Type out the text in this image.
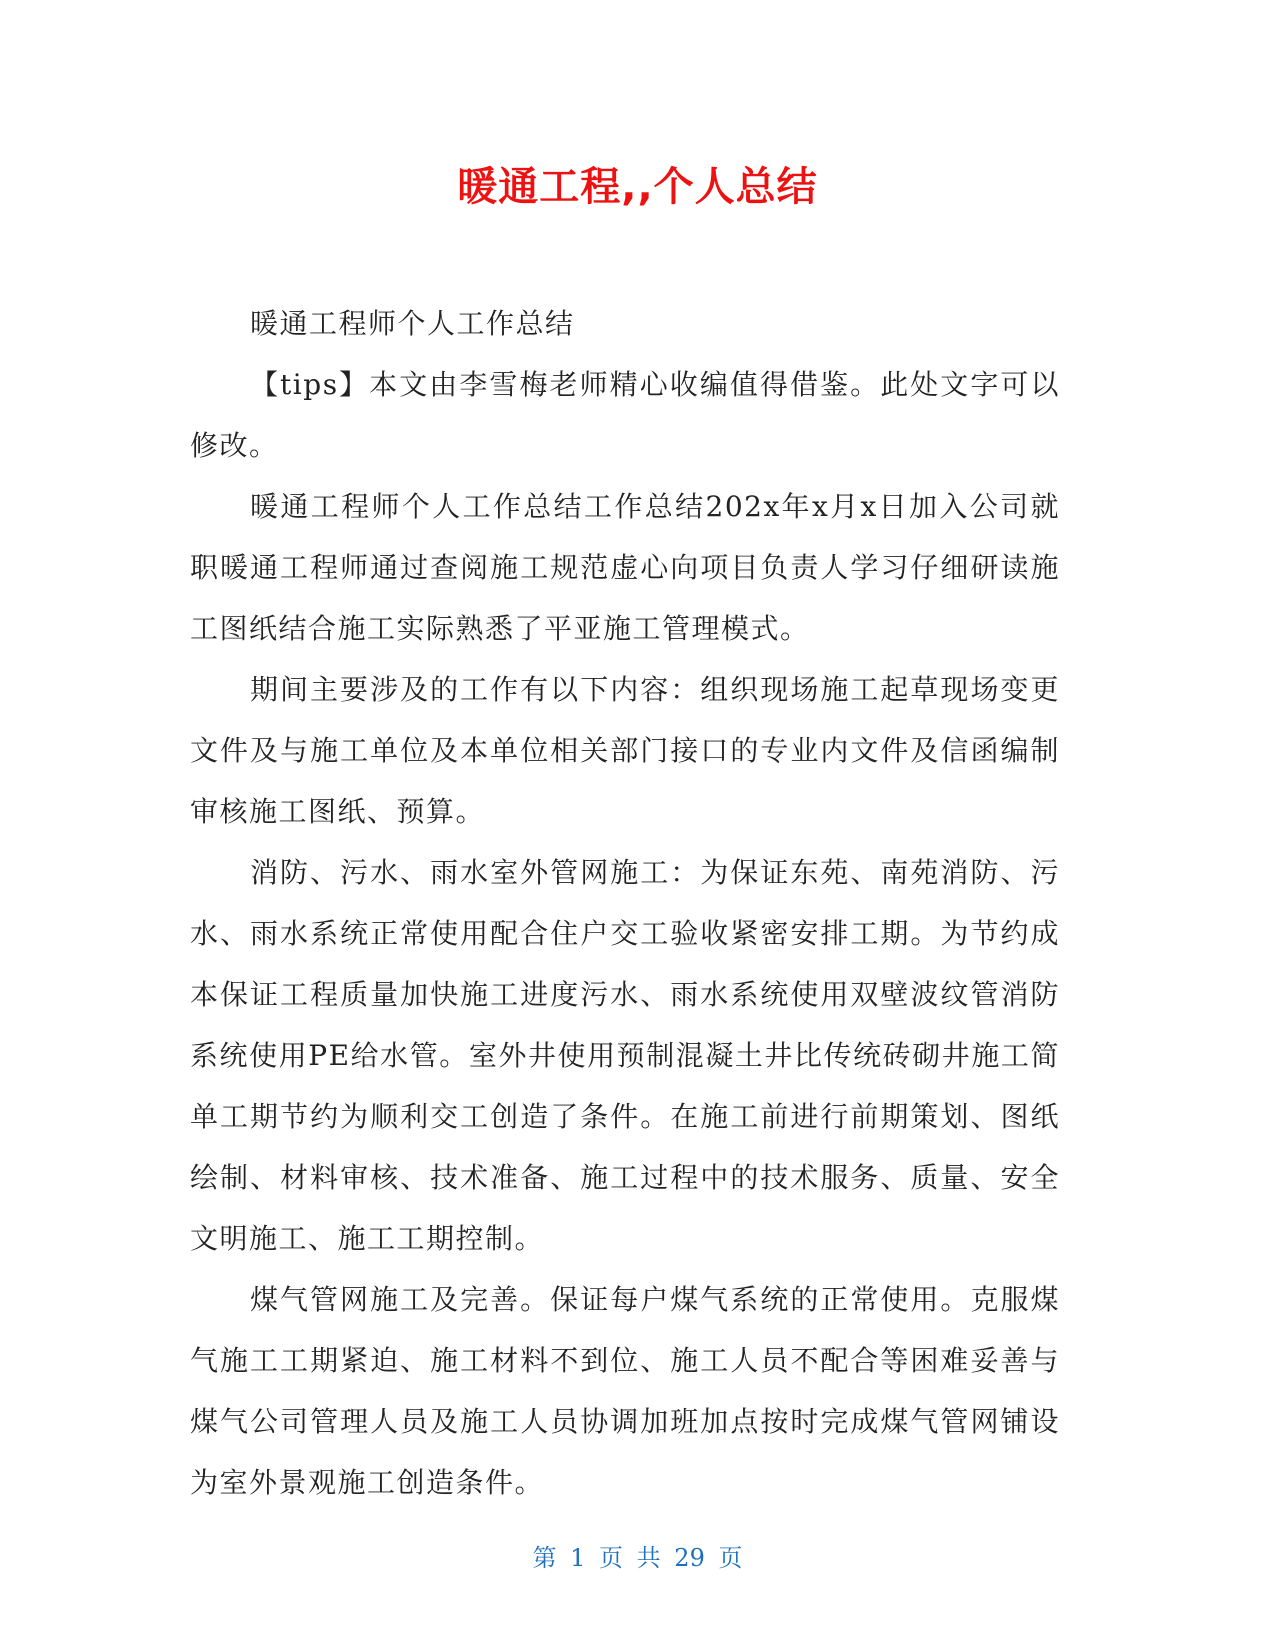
暖通工程,,个人总结

暖通工程师个人工作总结

【tips】本文由李雪梅老师精心收编值得借鉴。此处文字可以修改。

暖通工程师个人工作总结工作总结202x年x月x日加入公司就职暖通工程师通过查阅施工规范虚心向项目负责人学习仔细研读施工图纸结合施工实际熟悉了平亚施工管理模式。

期间主要涉及的工作有以下内容：组织现场施工起草现场变更文件及与施工单位及本单位相关部门接口的专业内文件及信函编制审核施工图纸、预算。

消防、污水、雨水室外管网施工：为保证东苑、南苑消防、污水、雨水系统正常使用配合住户交工验收紧密安排工期。为节约成本保证工程质量加快施工进度污水、雨水系统使用双壁波纹管消防系统使用PE给水管。室外井使用预制混凝土井比传统砖砌井施工简单工期节约为顺利交工创造了条件。在施工前进行前期策划、图纸绘制、材料审核、技术准备、施工过程中的技术服务、质量、安全文明施工、施工工期控制。

煤气管网施工及完善。保证每户煤气系统的正常使用。克服煤气施工工期紧迫、施工材料不到位、施工人员不配合等困难妥善与煤气公司管理人员及施工人员协调加班加点按时完成煤气管网铺设为室外景观施工创造条件。

第 1 页 共 29 页
